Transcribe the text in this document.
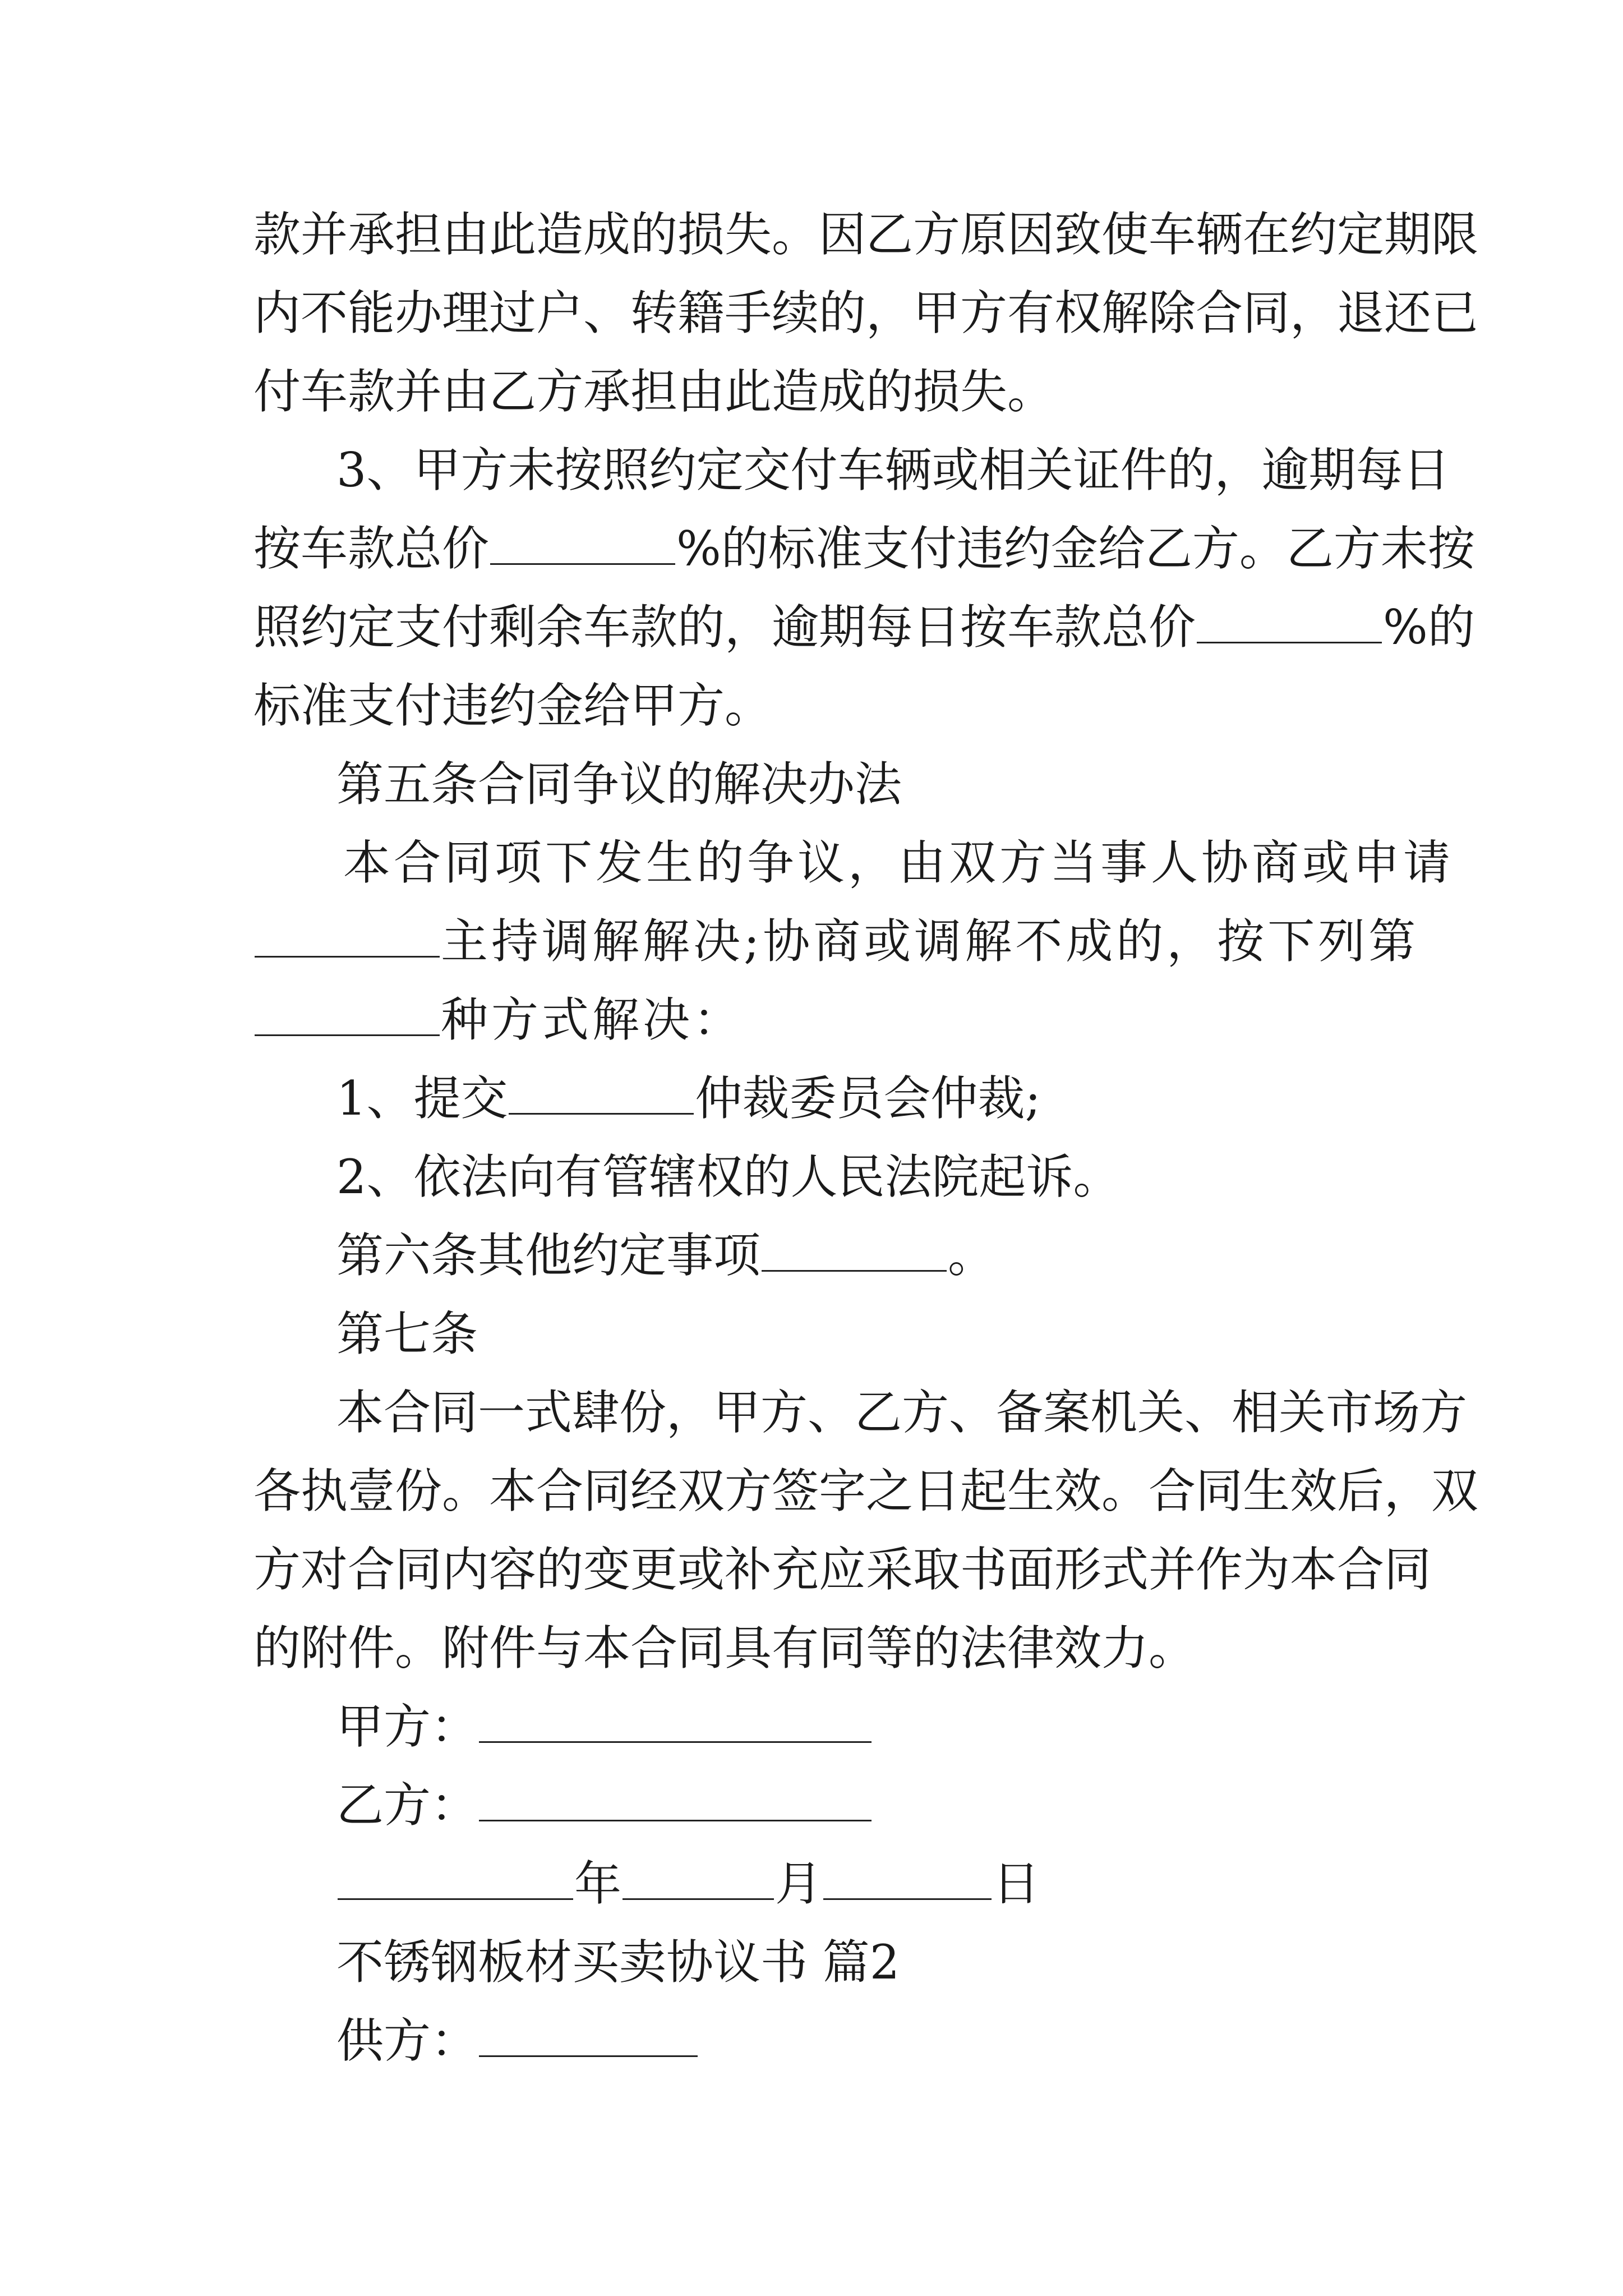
款并承担由此造成的损失。因乙方原因致使车辆在约定期限
内不能办理过户、转籍手续的，甲方有权解除合同，退还已
付车款并由乙方承担由此造成的损失。
3、甲方未按照约定交付车辆或相关证件的，逾期每日
按车款总价	%的标准支付违约金给乙方。乙方未按
照约定支付剩余车款的，逾期每日按车款总价	%的
标准支付违约金给甲方。
第五条合同争议的解决办法
本合同项下发生的争议，由双方当事人协商或申请
主持调解解决;协商或调解不成的，按下列第
种方式解决：
1、提交	仲裁委员会仲裁;
2、依法向有管辖权的人民法院起诉。
第六条其他约定事项	。
第七条
本合同一式肆份，甲方、乙方、备案机关、相关市场方
各执壹份。本合同经双方签字之日起生效。合同生效后，双
方对合同内容的变更或补充应采取书面形式并作为本合同
的附件。附件与本合同具有同等的法律效力。
甲方：
乙方：
年	月	日
不锈钢板材买卖协议书 篇2
供方：
